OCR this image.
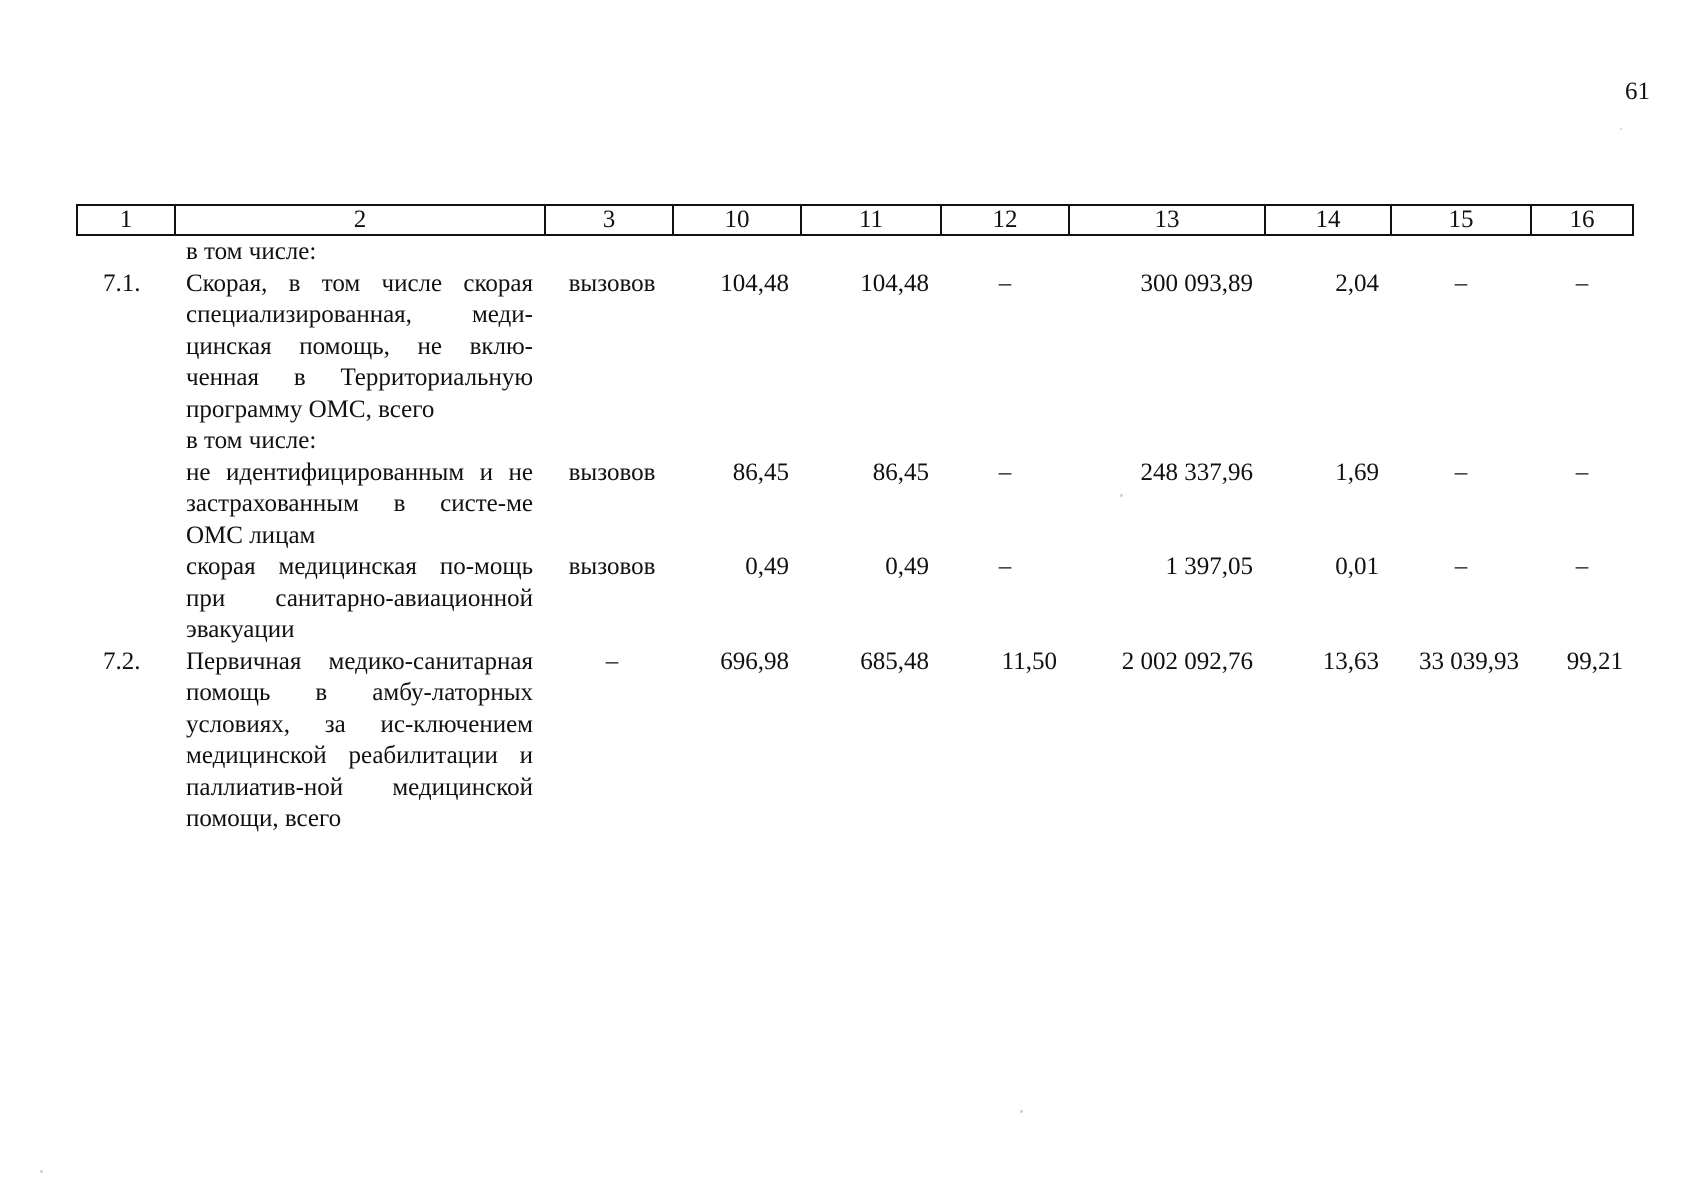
61
1	2	3	10	11	12	13	14	15	16
	в том числе:								
7.1.	Скорая, в том числе скорая специализированная, меди-цинская помощь, не вклю-ченная в Территориальную программу ОМС, всего	вызовов	104,48	104,48	–	300 093,89	2,04	–	–
	в том числе:								
	не идентифицированным и не застрахованным в систе-ме ОМС лицам	вызовов	86,45	86,45	–	248 337,96	1,69	–	–
	скорая медицинская по-мощь при санитарно-авиационной эвакуации	вызовов	0,49	0,49	–	1 397,05	0,01	–	–
7.2.	Первичная медико-санитарная помощь в амбу-латорных условиях, за ис-ключением медицинской реабилитации и паллиатив-ной медицинской помощи, всего	–	696,98	685,48	11,50	2 002 092,76	13,63	33 039,93	99,21
